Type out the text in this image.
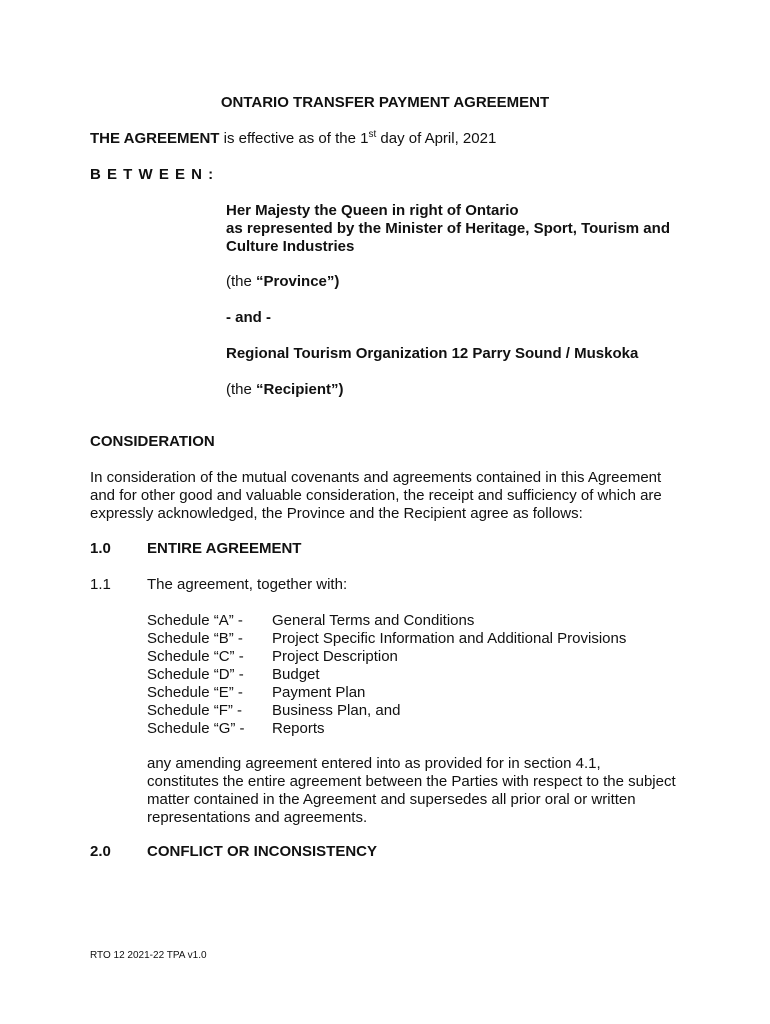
ONTARIO TRANSFER PAYMENT AGREEMENT
THE AGREEMENT is effective as of the 1st day of April, 2021
B E T W E E N :
Her Majesty the Queen in right of Ontario
as represented by the Minister of Heritage, Sport, Tourism and
Culture Industries
(the “Province”)
- and -
Regional Tourism Organization 12 Parry Sound / Muskoka
(the “Recipient”)
CONSIDERATION
In consideration of the mutual covenants and agreements contained in this Agreement
and for other good and valuable consideration, the receipt and sufficiency of which are
expressly acknowledged, the Province and the Recipient agree as follows:
1.0 ENTIRE AGREEMENT
1.1 The agreement, together with:
Schedule “A” - General Terms and Conditions
Schedule “B” - Project Specific Information and Additional Provisions
Schedule “C” - Project Description
Schedule “D” - Budget
Schedule “E” - Payment Plan
Schedule “F” - Business Plan, and
Schedule “G” - Reports
any amending agreement entered into as provided for in section 4.1,
constitutes the entire agreement between the Parties with respect to the subject
matter contained in the Agreement and supersedes all prior oral or written
representations and agreements.
2.0 CONFLICT OR INCONSISTENCY
RTO 12 2021-22 TPA v1.0
